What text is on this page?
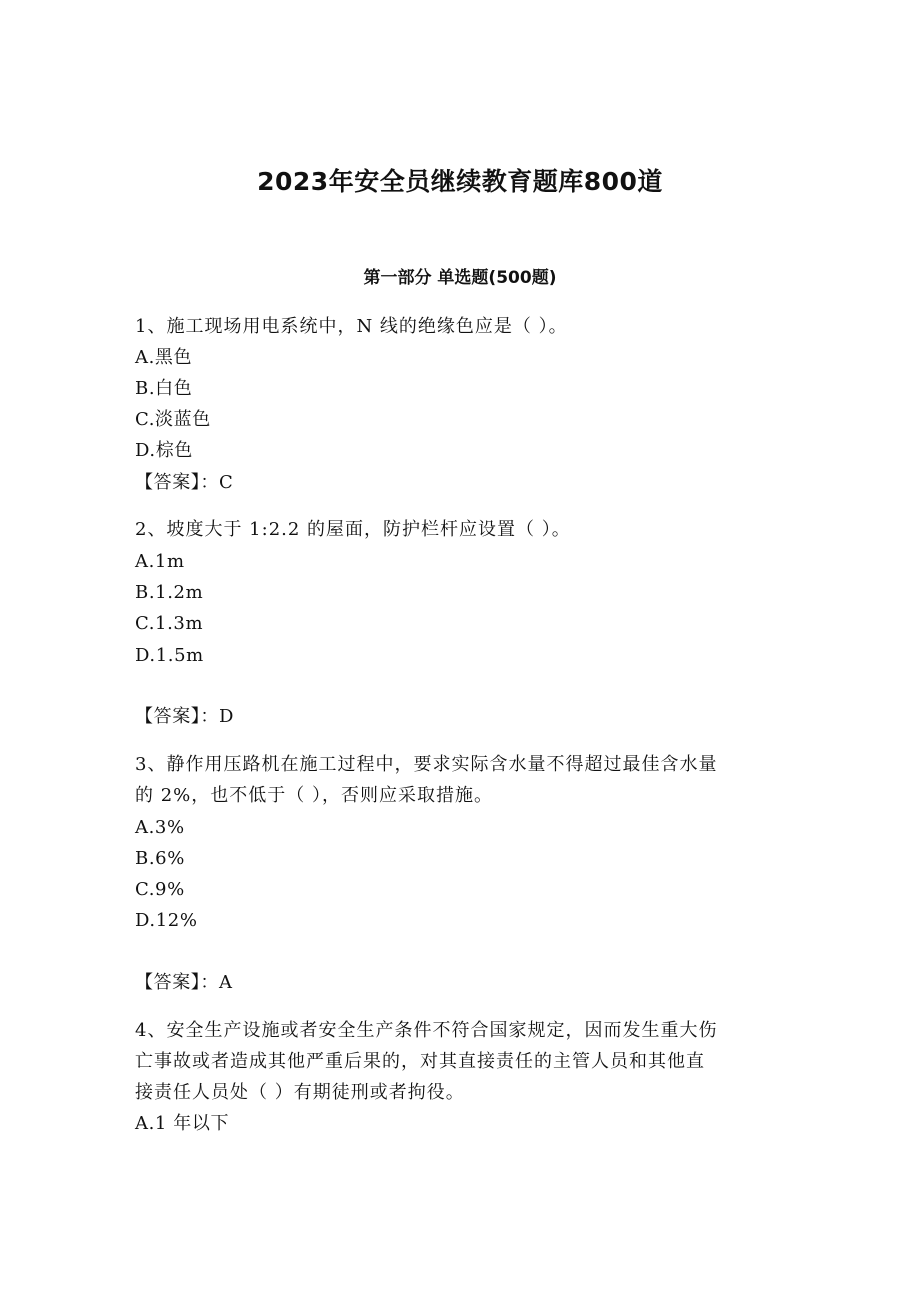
2023年安全员继续教育题库800道
第一部分 单选题(500题)
1、施工现场用电系统中，N 线的绝缘色应是（ ）。
A.黑色
B.白色
C.淡蓝色
D.棕色
【答案】：C
2、坡度大于 1:2.2 的屋面，防护栏杆应设置（ ）。
A.1m
B.1.2m
C.1.3m
D.1.5m
【答案】：D
3、静作用压路机在施工过程中，要求实际含水量不得超过最佳含水量
的 2%，也不低于（ ），否则应采取措施。
A.3%
B.6%
C.9%
D.12%
【答案】：A
4、安全生产设施或者安全生产条件不符合国家规定，因而发生重大伤
亡事故或者造成其他严重后果的，对其直接责任的主管人员和其他直
接责任人员处（ ）有期徒刑或者拘役。
A.1 年以下
